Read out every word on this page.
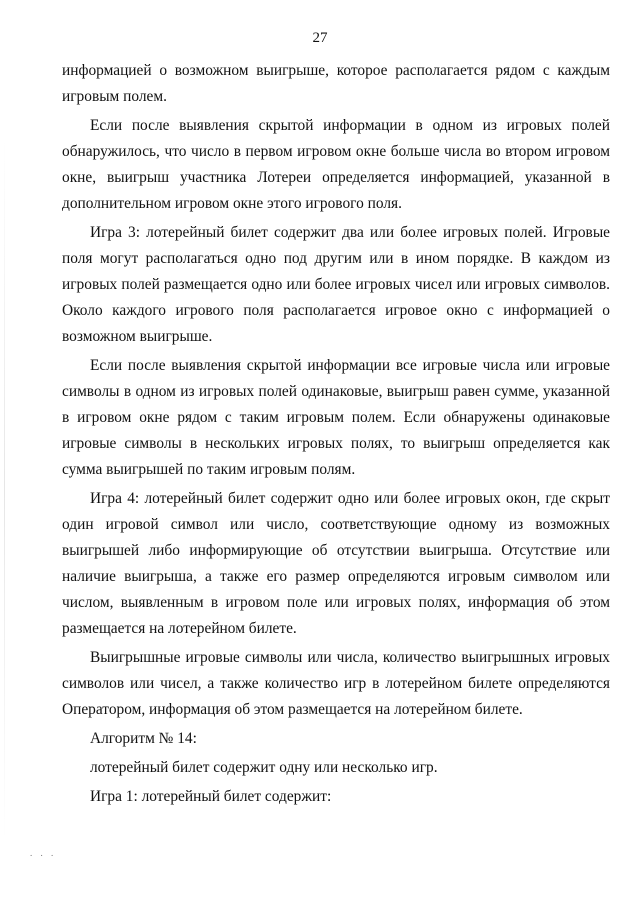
27

информацией о возможном выигрыше, которое располагается рядом с каждым игровым полем.

Если после выявления скрытой информации в одном из игровых полей обнаружилось, что число в первом игровом окне больше числа во втором игровом окне, выигрыш участника Лотереи определяется информацией, указанной в дополнительном игровом окне этого игрового поля.

Игра 3: лотерейный билет содержит два или более игровых полей. Игровые поля могут располагаться одно под другим или в ином порядке. В каждом из игровых полей размещается одно или более игровых чисел или игровых символов. Около каждого игрового поля располагается игровое окно с информацией о возможном выигрыше.

Если после выявления скрытой информации все игровые числа или игровые символы в одном из игровых полей одинаковые, выигрыш равен сумме, указанной в игровом окне рядом с таким игровым полем. Если обнаружены одинаковые игровые символы в нескольких игровых полях, то выигрыш определяется как сумма выигрышей по таким игровым полям.

Игра 4: лотерейный билет содержит одно или более игровых окон, где скрыт один игровой символ или число, соответствующие одному из возможных выигрышей либо информирующие об отсутствии выигрыша. Отсутствие или наличие выигрыша, а также его размер определяются игровым символом или числом, выявленным в игровом поле или игровых полях, информация об этом размещается на лотерейном билете.

Выигрышные игровые символы или числа, количество выигрышных игровых символов или чисел, а также количество игр в лотерейном билете определяются Оператором, информация об этом размещается на лотерейном билете.

Алгоритм № 14:

лотерейный билет содержит одну или несколько игр.

Игра 1: лотерейный билет содержит:

. . .
